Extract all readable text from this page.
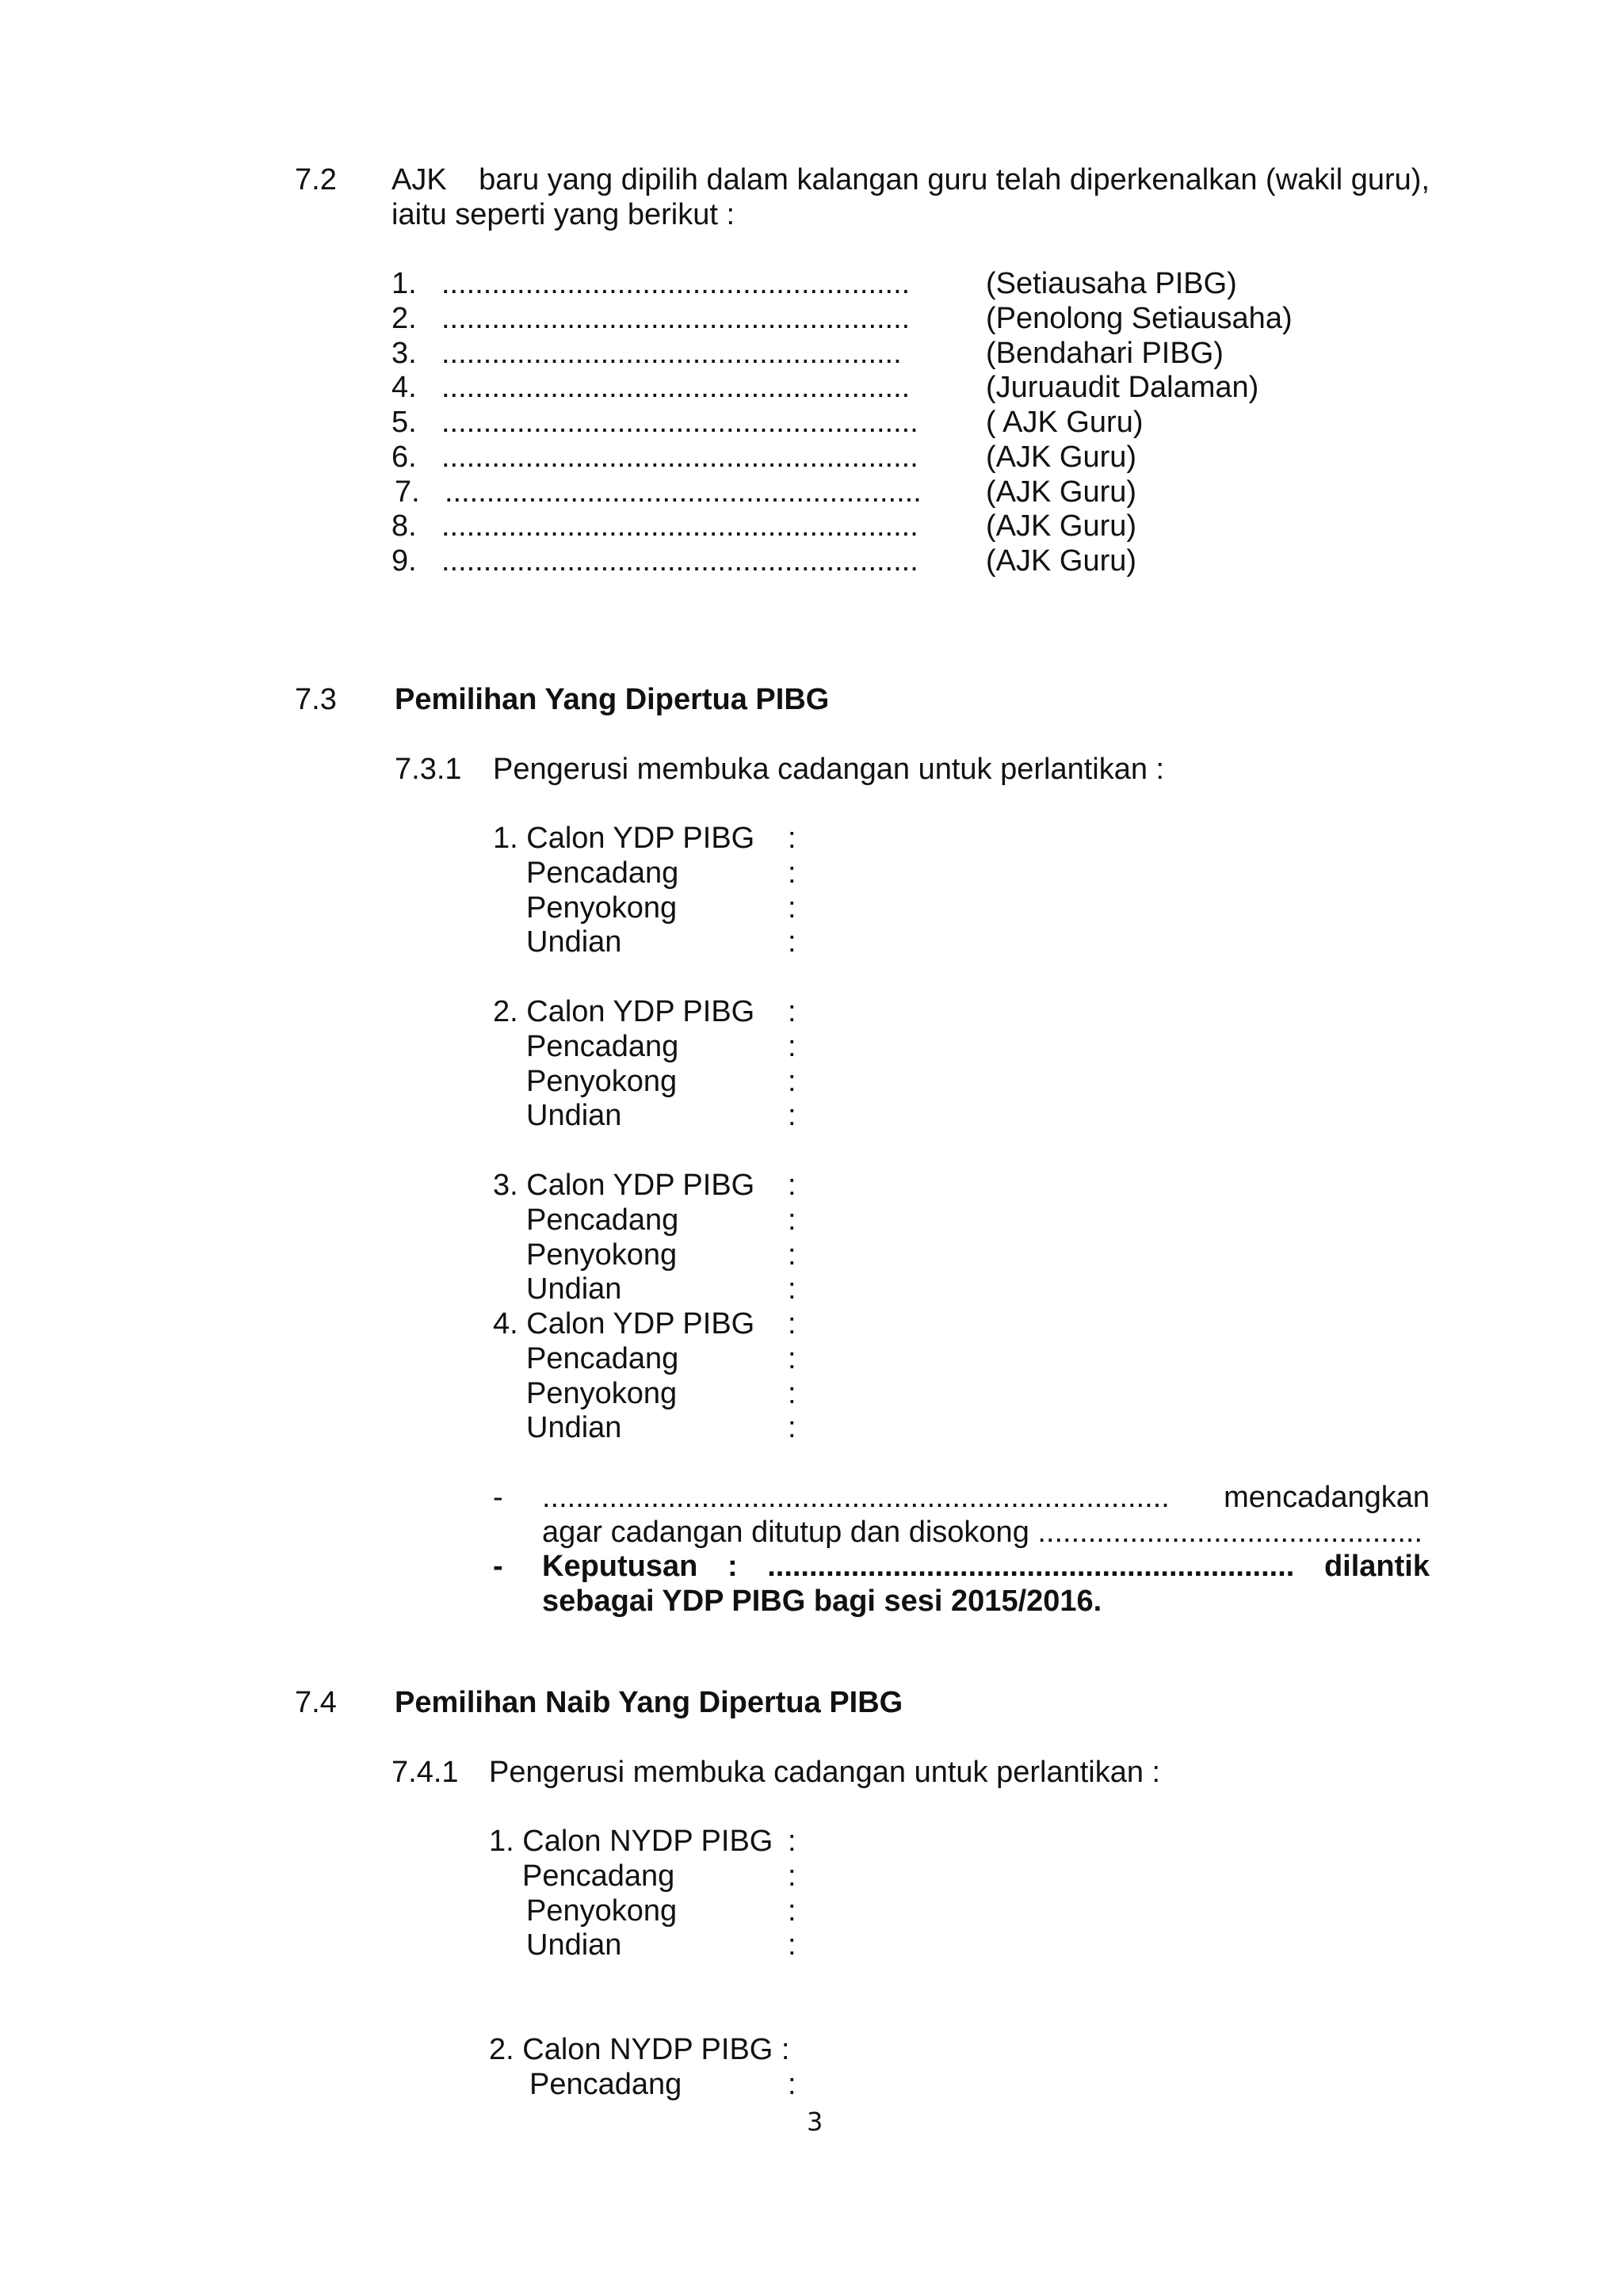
7.2 AJK baru yang dipilih dalam kalangan guru telah diperkenalkan (wakil guru),
iaitu seperti yang berikut :
1. ........................................................	(Setiausaha PIBG)
2. ........................................................	(Penolong Setiausaha)
3. .......................................................	(Bendahari PIBG)
4. ........................................................	(Juruaudit Dalaman)
5. ......................................................... ( AJK Guru)
6. ......................................................... (AJK Guru)
7. ......................................................... (AJK Guru)
8. ......................................................... (AJK Guru)
9. ......................................................... (AJK Guru)
7.3 Pemilihan Yang Dipertua PIBG
7.3.1 Pengerusi membuka cadangan untuk perlantikan :
1. Calon YDP PIBG :
Pencadang	:
Penyokong	:
Undian	:
2. Calon YDP PIBG :
Pencadang	:
Penyokong	:
Undian	:
3. Calon YDP PIBG :
Pencadang	:
Penyokong	:
Undian	:
4. Calon YDP PIBG :
Pencadang	:
Penyokong	:
Undian	:
- ........................................................................... mencadangkan
agar cadangan ditutup dan disokong ..............................................
- Keputusan : ............................................................... dilantik
sebagai YDP PIBG bagi sesi 2015/2016.
7.4 Pemilihan Naib Yang Dipertua PIBG
7.4.1 Pengerusi membuka cadangan untuk perlantikan :
1. Calon NYDP PIBG :
Pencadang	:
Penyokong	:
Undian	:
2. Calon NYDP PIBG :
Pencadang	:
3
